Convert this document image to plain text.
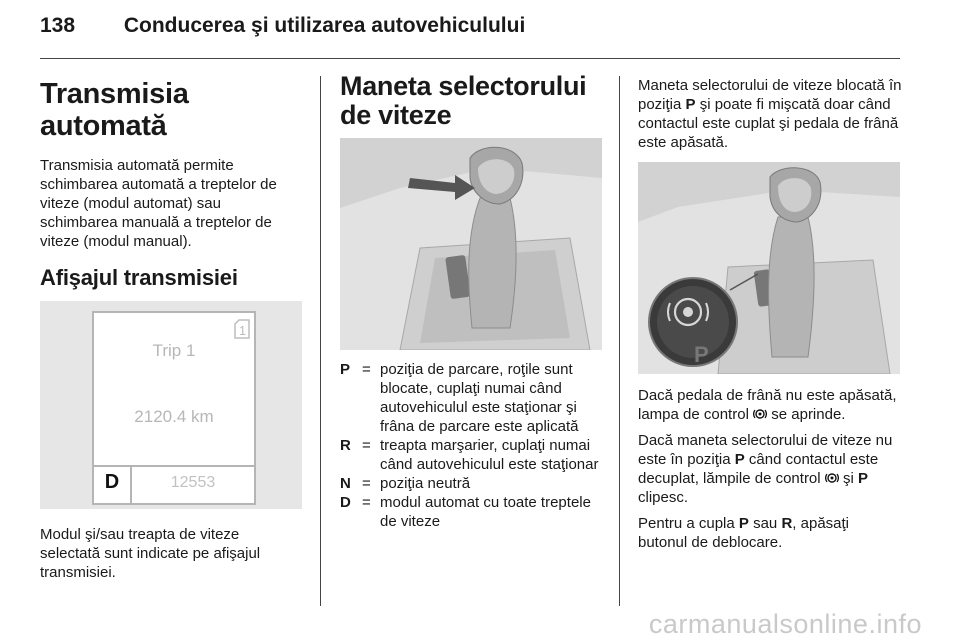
138 Conducerea şi utilizarea autovehiculului
Transmisia automată

Transmisia automată permite schimbarea automată a treptelor de viteze (modul automat) sau schimbarea manuală a treptelor de viteze (modul manual).

Afişajul transmisiei
1
Trip 1
2120.4 km
D	12553

Modul şi/sau treapta de viteze selectată sunt indicate pe afişajul transmisiei.

Maneta selectorului de viteze
P = poziţia de parcare, roţile sunt blocate, cuplaţi numai când autovehiculul este staţionar şi frâna de parcare este aplicată
R = treapta marşarier, cuplaţi numai când autovehiculul este staţionar
N = poziţia neutră
D = modul automat cu toate treptele de viteze

Maneta selectorului de viteze blocată în poziţia P şi poate fi mişcată doar când contactul este cuplat şi pedala de frână este apăsată.

P

Dacă pedala de frână nu este apăsată, lampa de control  se aprinde.

Dacă maneta selectorului de viteze nu este în poziţia P când contactul este decuplat, lămpile de control  şi P clipesc.

Pentru a cupla P sau R, apăsaţi butonul de deblocare.

carmanualsonline.info
